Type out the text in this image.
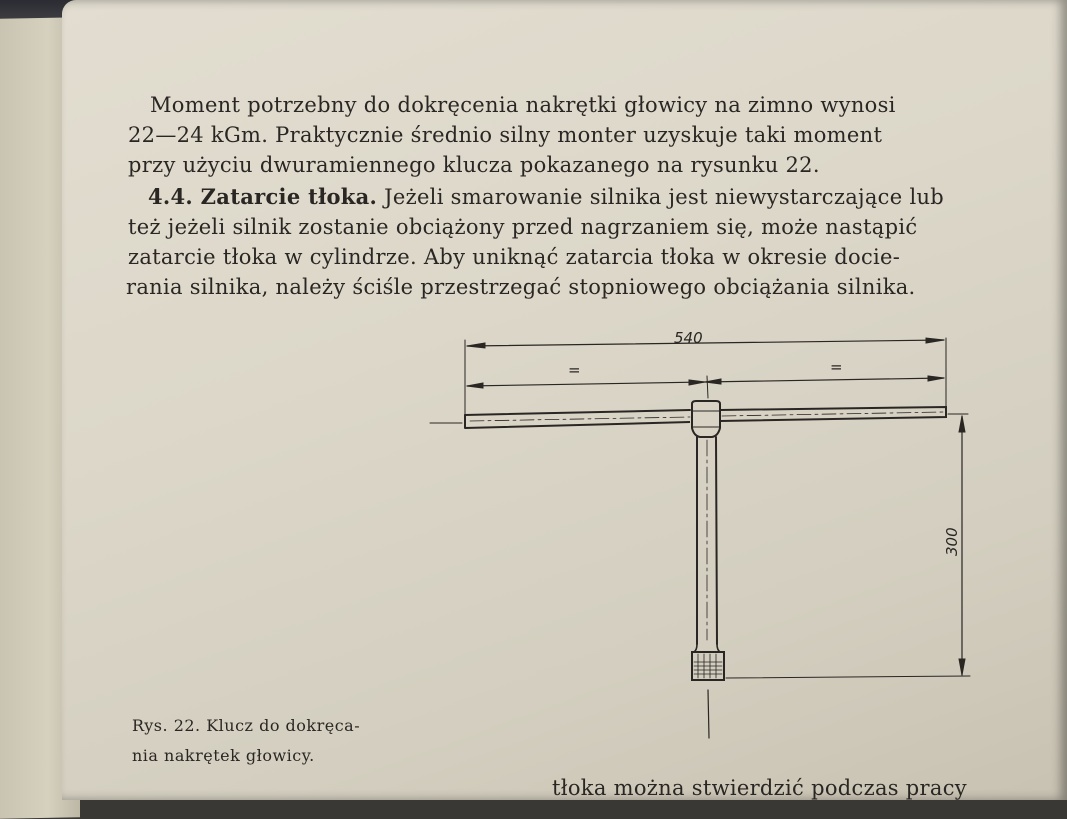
Moment potrzebny do dokręcenia nakrętki głowicy na zimno wynosi
22—24 kGm. Praktycznie średnio silny monter uzyskuje taki moment
przy użyciu dwuramiennego klucza pokazanego na rysunku 22.
4.4. Zatarcie tłoka. Jeżeli smarowanie silnika jest niewystarczające lub
też jeżeli silnik zostanie obciążony przed nagrzaniem się, może nastąpić
zatarcie tłoka w cylindrze. Aby uniknąć zatarcia tłoka w okresie docie-
rania silnika, należy ściśle przestrzegać stopniowego obciążania silnika.
Rys. 22. Klucz do dokręca-
nia nakrętek głowicy.
tłoka można stwierdzić podczas pracy
540
=	=
300
